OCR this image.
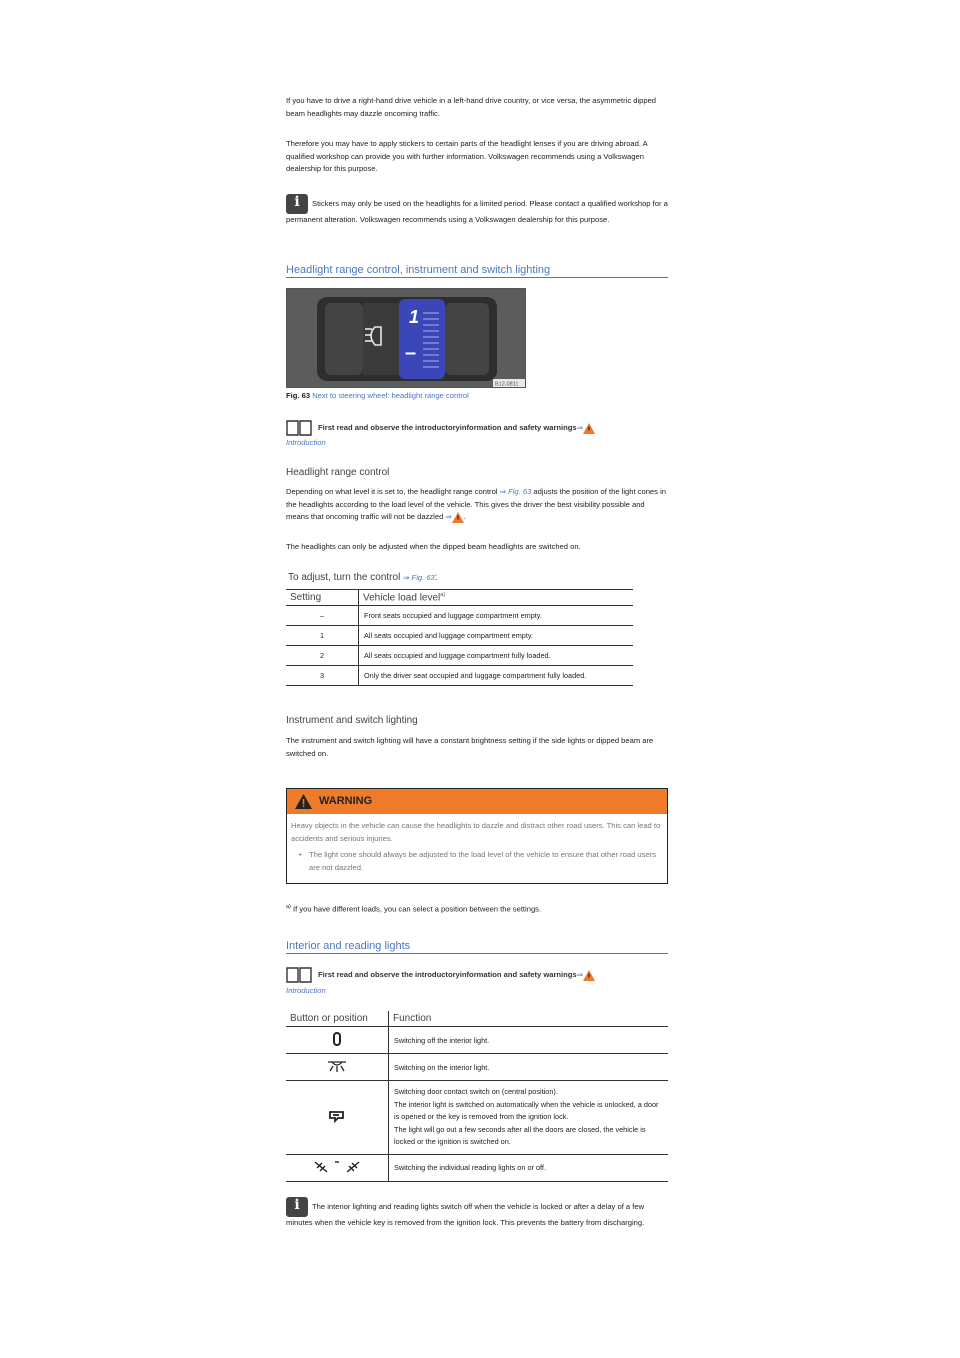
If you have to drive a right-hand drive vehicle in a left-hand drive country, or vice versa, the asymmetric dipped beam headlights may dazzle oncoming traffic.

Therefore you may have to apply stickers to certain parts of the headlight lenses if you are driving abroad. A qualified workshop can provide you with further information. Volkswagen recommends using a Volkswagen dealership for this purpose.

i	Stickers may only be used on the headlights for a limited period. Please contact a qualified workshop for a permanent alteration. Volkswagen recommends using a Volkswagen dealership for this purpose.
Headlight range control, instrument and switch lighting
1
–
B12-0811
Fig. 63 Next to steering wheel: headlight range control
First read and observe the introductoryinformation and safety warnings⇒
Introduction
Headlight range control

Depending on what level it is set to, the headlight range control ⇒ Fig. 63 adjusts the position of the light cones in the headlights according to the load level of the vehicle. This gives the driver the best visibility possible and means that oncoming traffic will not be dazzled ⇒ .

The headlights can only be adjusted when the dipped beam headlights are switched on.

To adjust, turn the control ⇒ Fig. 63:
Setting	Vehicle load level$^{a)}$
–	Front seats occupied and luggage compartment empty.
1	All seats occupied and luggage compartment empty.
2	All seats occupied and luggage compartment fully loaded.
3	Only the driver seat occupied and luggage compartment fully loaded.
Instrument and switch lighting

The instrument and switch lighting will have a constant brightness setting if the side lights or dipped beam are switched on.

WARNING
Heavy objects in the vehicle can cause the headlights to dazzle and distract other road users. This can lead to accidents and serious injuries.
• The light cone should always be adjusted to the load level of the vehicle to ensure that other road users are not dazzled.
$^{a)}$ If you have different loads, you can select a position between the settings.
Interior and reading lights
First read and observe the introductoryinformation and safety warnings⇒
Introduction
Button or position	Function
	Switching off the interior light.
	Switching on the interior light.

Switching door contact switch on (central position).
The interior light is switched on automatically when the vehicle is unlocked, a door is opened or the key is removed from the ignition lock.
The light will go out a few seconds after all the doors are closed, the vehicle is locked or the ignition is switched on.

	Switching the individual reading lights on or off.
i	The interior lighting and reading lights switch off when the vehicle is locked or after a delay of a few minutes when the vehicle key is removed from the ignition lock. This prevents the battery from discharging.
